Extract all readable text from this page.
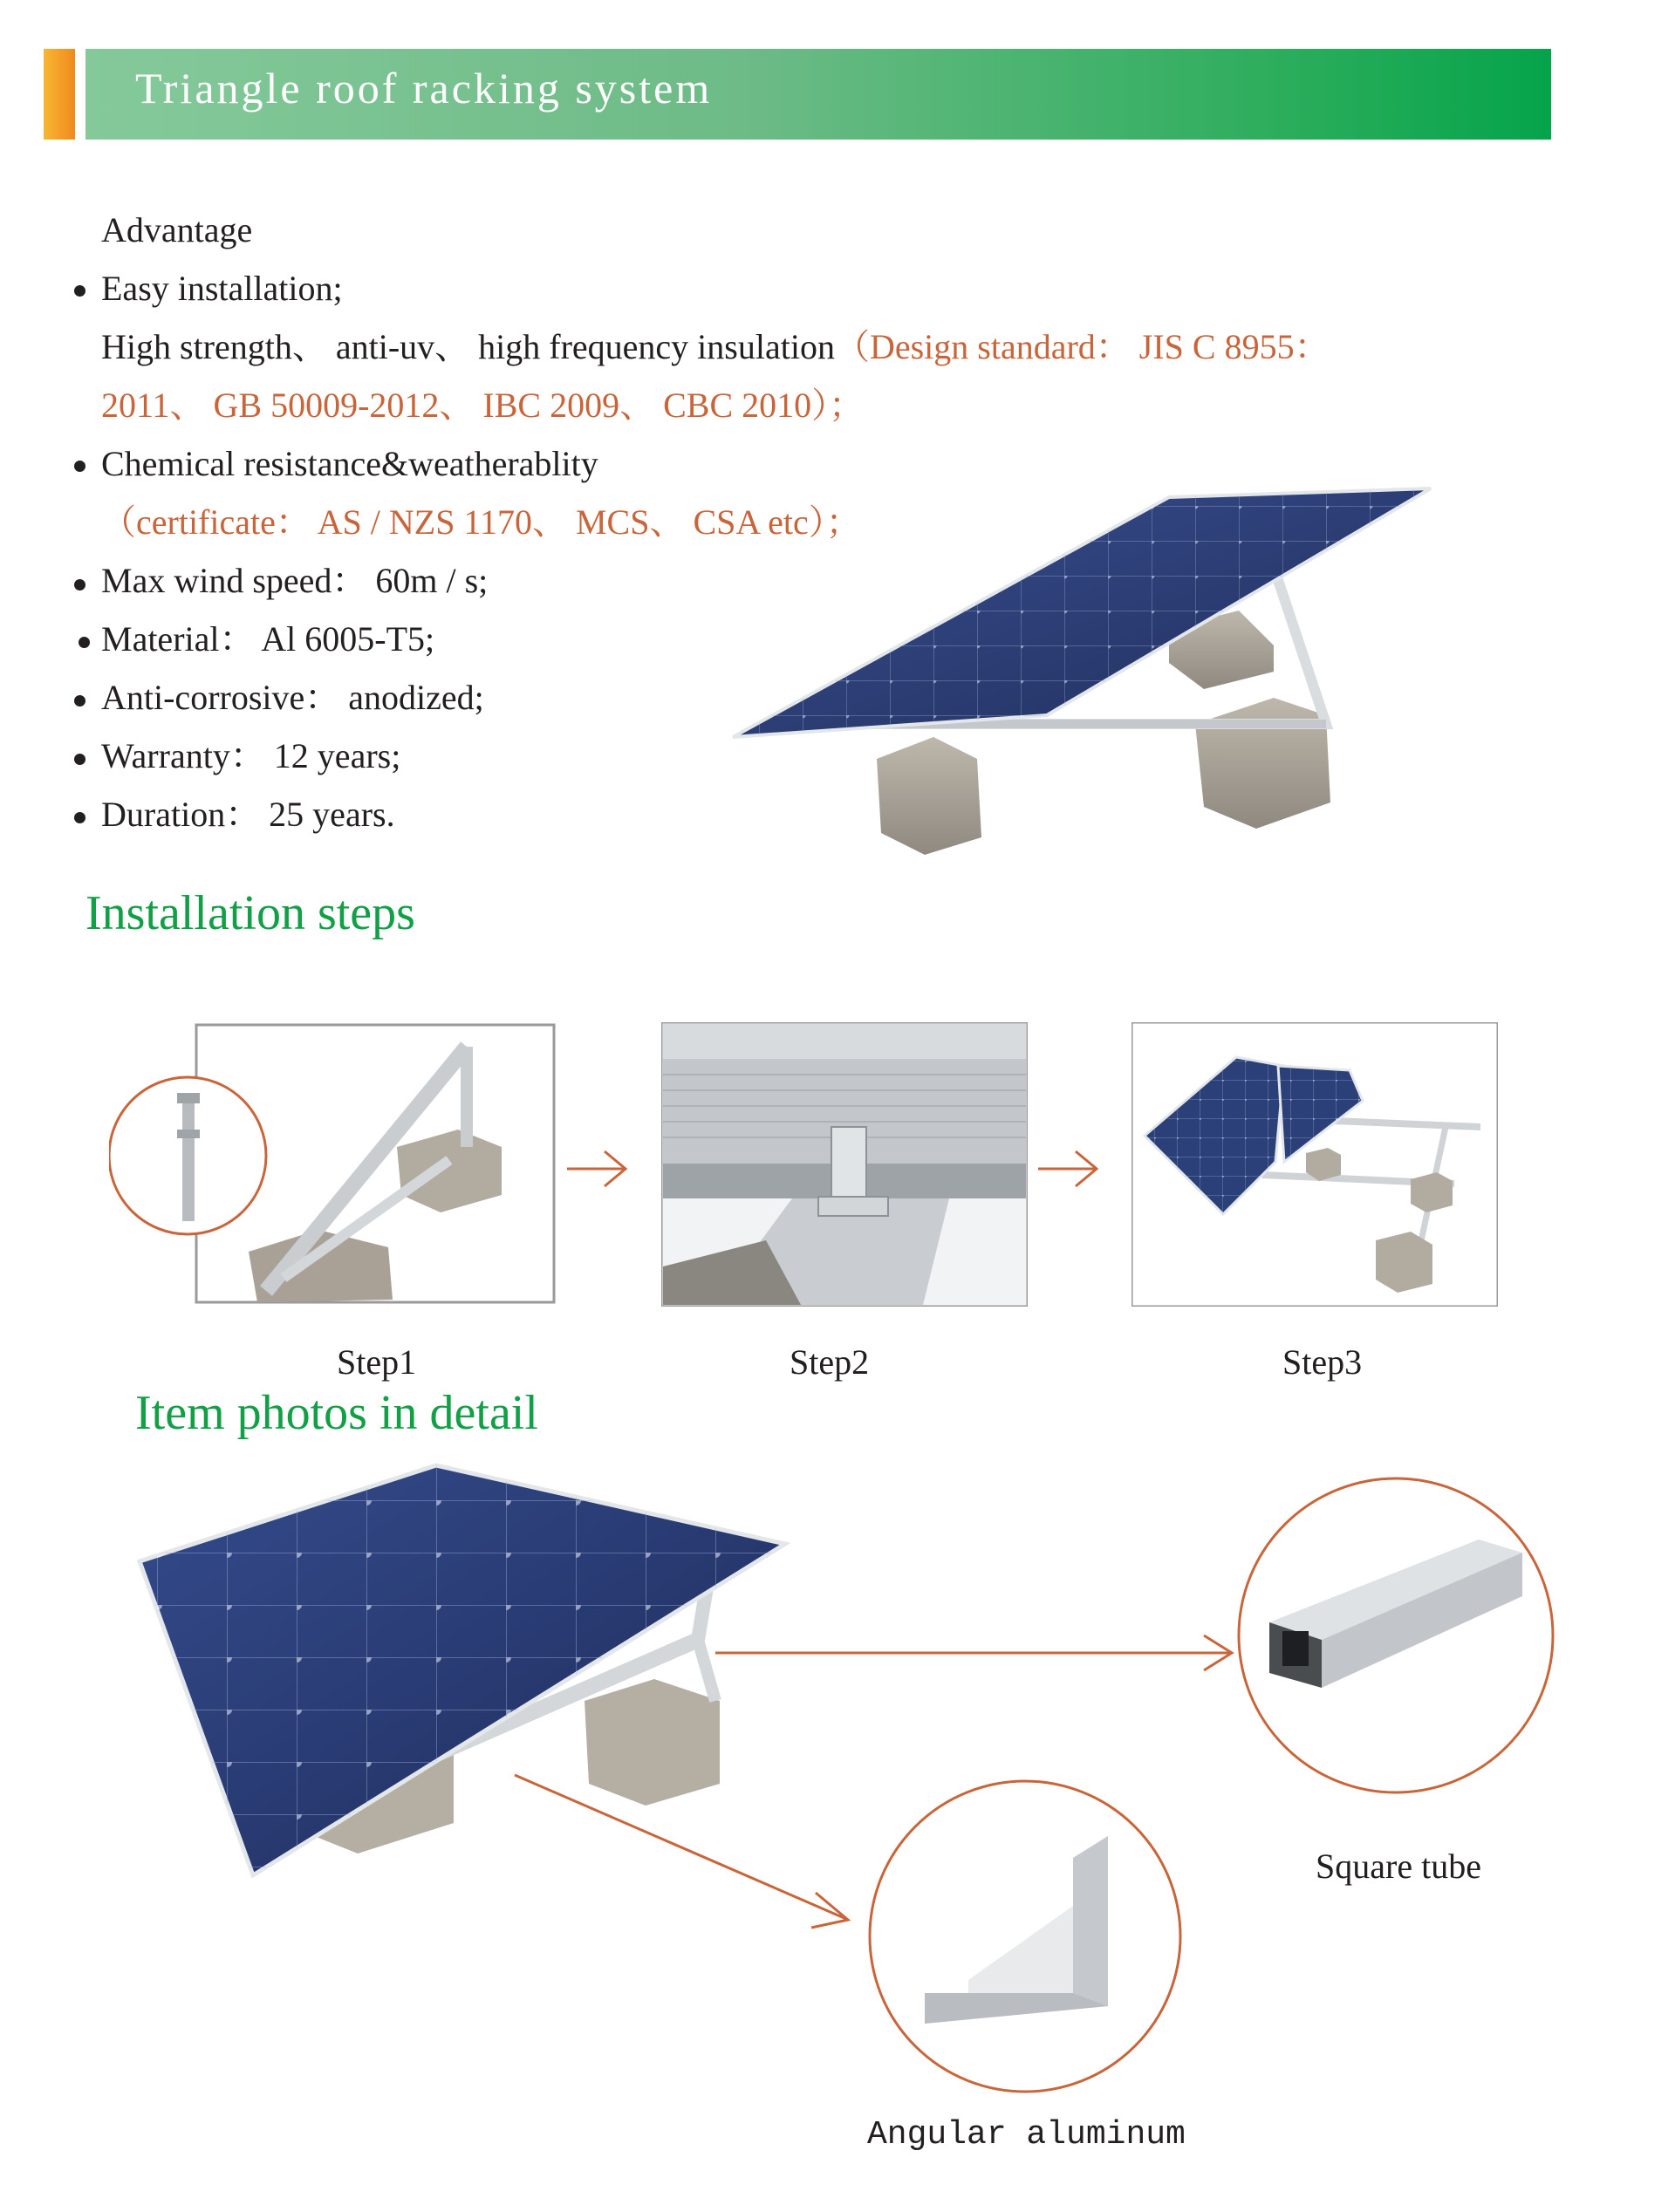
Triangle roof racking system
Advantage
Easy installation;
High strength、 anti-uv、 high frequency insulation（Design standard： JIS C 8955：
2011、 GB 50009-2012、 IBC 2009、 CBC 2010）；
Chemical resistance&weatherablity
（certificate： AS / NZS 1170、 MCS、 CSA etc）；
Max wind speed： 60m / s;
Material： Al 6005-T5;
Anti-corrosive： anodized;
Warranty： 12 years;
Duration： 25 years.
Installation steps
Step1	Step2	Step3
Item photos in detail
Square tube
Angular aluminum
